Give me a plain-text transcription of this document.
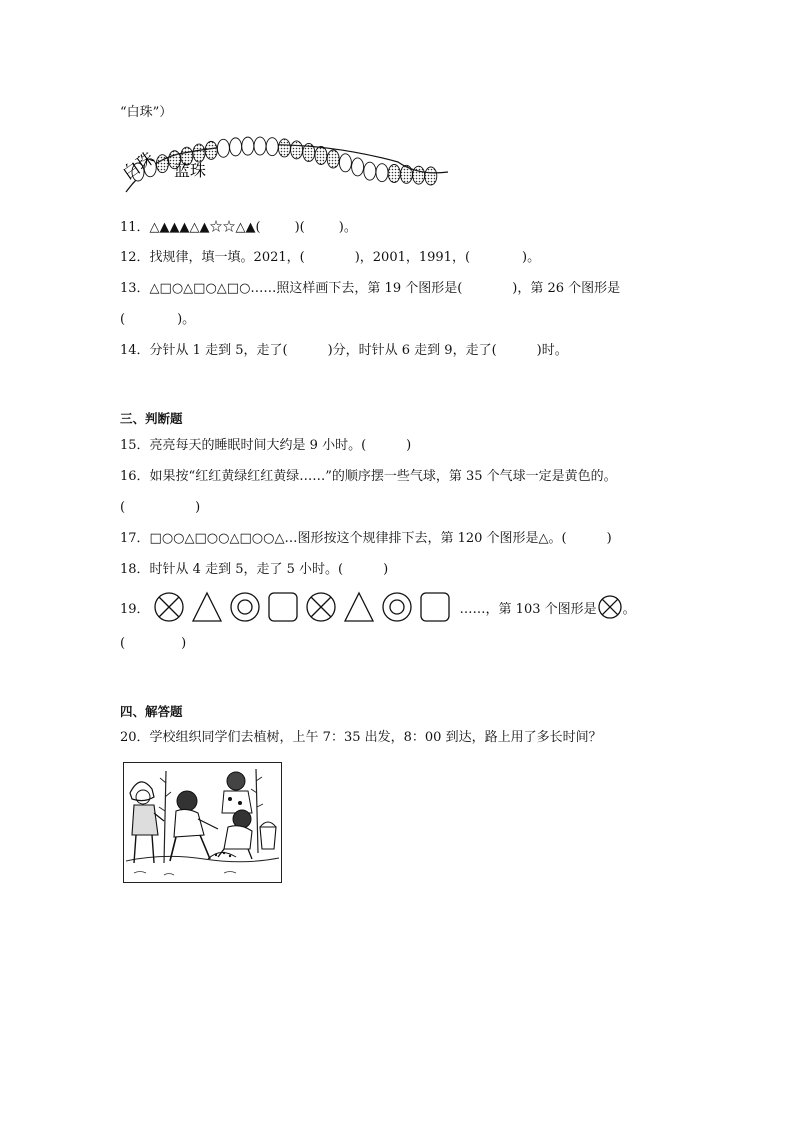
“白珠”）
白珠 蓝珠
11．△▲▲▲△▲☆☆△▲(	)(	)。
12．找规律，填一填。2021，(	)，2001，1991，(	)。
13．△□○△□○△□○……照这样画下去，第 19 个图形是(	)，第 26 个图形是
(	)。
14．分针从 1 走到 5，走了(	)分，时针从 6 走到 9，走了(	)时。
三、判断题
15．亮亮每天的睡眠时间大约是 9 小时。(	)
16．如果按“红红黄绿红红黄绿……”的顺序摆一些气球，第 35 个气球一定是黄色的。
(	)
17．□○○△□○○△□○○△…图形按这个规律排下去，第 120 个图形是△。(	)
18．时针从 4 走到 5，走了 5 小时。(	)
19．	……，第 103 个图形是 。
(	)
四、解答题
20．学校组织同学们去植树，上午 7：35 出发，8：00 到达，路上用了多长时间？
